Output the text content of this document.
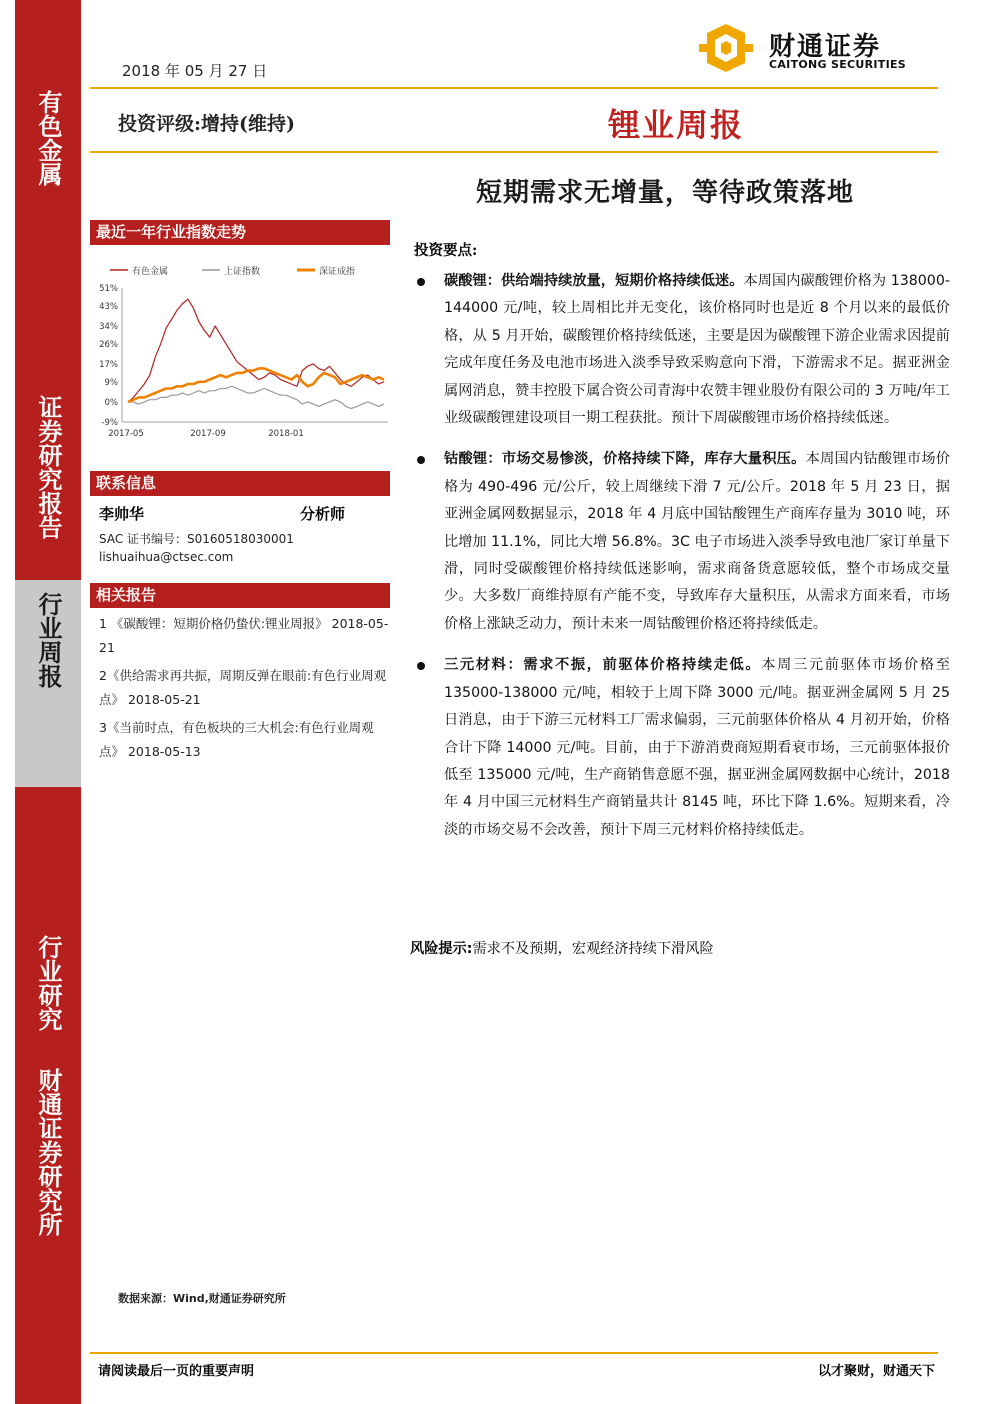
有色金属
证券研究报告
行业周报
行业研究
财通证券研究所
财通证券
CAITONG SECURITIES
2018 年 05 月 27 日
投资评级:增持(维持)	锂业周报
短期需求无增量，等待政策落地
最近一年行业指数走势
有色金属	上证指数	深证成指
51%
43%
34%
26%
17%
9%
0%
-9%
2017-05	2017-09	2018-01
联系信息
李帅华	分析师
SAC 证书编号：S0160518030001
lishuaihua@ctsec.com
相关报告
1 《碳酸锂：短期价格仍蛰伏:锂业周报》 2018-05-21
2《供给需求再共振，周期反弹在眼前:有色行业周观点》 2018-05-21
3《当前时点，有色板块的三大机会:有色行业周观点》 2018-05-13
数据来源：Wind,财通证券研究所
投资要点:
碳酸锂：供给端持续放量，短期价格持续低迷。本周国内碳酸锂价格为 138000-144000 元/吨，较上周相比并无变化，该价格同时也是近 8 个月以来的最低价格，从 5 月开始，碳酸锂价格持续低迷，主要是因为碳酸锂下游企业需求因提前完成年度任务及电池市场进入淡季导致采购意向下滑，下游需求不足。据亚洲金属网消息，赞丰控股下属合资公司青海中农赞丰锂业股份有限公司的 3 万吨/年工业级碳酸锂建设项目一期工程获批。预计下周碳酸锂市场价格持续低迷。
钴酸锂：市场交易惨淡，价格持续下降，库存大量积压。本周国内钴酸锂市场价格为 490-496 元/公斤，较上周继续下滑 7 元/公斤。2018 年 5 月 23 日，据亚洲金属网数据显示，2018 年 4 月底中国钴酸锂生产商库存量为 3010 吨，环比增加 11.1%，同比大增 56.8%。3C 电子市场进入淡季导致电池厂家订单量下滑，同时受碳酸锂价格持续低迷影响，需求商备货意愿较低，整个市场成交量少。大多数厂商维持原有产能不变，导致库存大量积压，从需求方面来看，市场价格上涨缺乏动力，预计未来一周钴酸锂价格还将持续低走。
三元材料：需求不振，前驱体价格持续走低。本周三元前驱体市场价格至 135000-138000 元/吨，相较于上周下降 3000 元/吨。据亚洲金属网 5 月 25 日消息，由于下游三元材料工厂需求偏弱，三元前驱体价格从 4 月初开始，价格合计下降 14000 元/吨。目前，由于下游消费商短期看衰市场，三元前驱体报价低至 135000 元/吨，生产商销售意愿不强，据亚洲金属网数据中心统计，2018 年 4 月中国三元材料生产商销量共计 8145 吨，环比下降 1.6%。短期来看，冷淡的市场交易不会改善，预计下周三元材料价格持续低走。
风险提示:需求不及预期，宏观经济持续下滑风险
请阅读最后一页的重要声明	以才聚财，财通天下
